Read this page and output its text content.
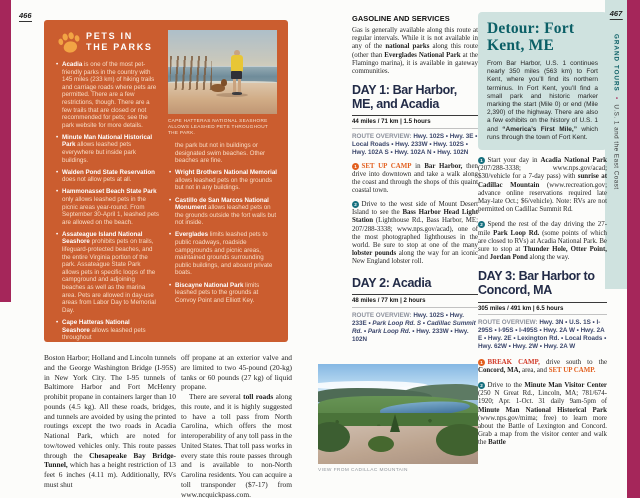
466	467
GRAND TOURS•U.S. 1 and the East Coast
PETS IN
THE PARKS
• Acadia is one of the most pet-friendly parks in the country with 145 miles (233 km) of hiking trails and carriage roads where pets are permitted. There are a few restrictions, though. There are a few trails that are closed or not recommended for pets; see the park website for more details.
• Minute Man National Historical Park allows leashed pets everywhere but inside park buildings.
• Walden Pond State Reservation does not allow pets at all.
• Hammonasset Beach State Park only allows leashed pets in the picnic areas year-round. From September 30-April 1, leashed pets are allowed on the beach.
• Assateague Island National Seashore prohibits pets on trails, lifeguard-protected beaches, and the entire Virginia portion of the park. Assateague State Park allows pets in specific loops of the campground and adjoining beaches as well as the marina area. Pets are allowed in day-use areas from Labor Day to Memorial Day.
• Cape Hatteras National Seashore allows leashed pets throughout
CAPE HATTERAS NATIONAL SEASHORE ALLOWS LEASHED PETS THROUGHOUT THE PARK.
the park but not in buildings or designated swim beaches. Other beaches are fine.
• Wright Brothers National Memorial allows leashed pets on the grounds but not in any buildings.
• Castillo de San Marcos National Monument allows leashed pets on the grounds outside the fort walls but not inside.
• Everglades limits leashed pets to public roadways, roadside campgrounds and picnic areas, maintained grounds surrounding public buildings, and aboard private boats.
• Biscayne National Park limits leashed pets to the grounds at Convoy Point and Elliott Key.
Boston Harbor; Holland and Lincoln tunnels and the George Washington Bridge (I-95S) in New York City. The I-95 tunnels of Baltimore Harbor and Fort McHenry prohibit propane in containers larger than 10 pounds (4.5 kg). All these roads, bridges, and tunnels are avoided by using the printed routings except the two roads in Acadia National Park, which are noted for tow/towed vehicles only. This route passes through the Chesapeake Bay Bridge-Tunnel, which has a height restriction of 13 feet 6 inches (4.11 m). Additionally, RVs must shut
off propane at an exterior valve and are limited to two 45-pound (20-kg) tanks or 60 pounds (27 kg) of liquid propane.
There are several toll roads along this route, and it is highly suggested to have a toll pass from North Carolina, which offers the most interoperability of any toll pass in the United States. That toll pass works in every state this route passes through and is available to non-North Carolina residents. You can acquire a toll transponder ($7-17) from www.ncquickpass.com.
GASOLINE AND SERVICES
Gas is generally available along this route at regular intervals. While it is not available in any of the national parks along this route (other than Everglades National Park at the Flamingo marina), it is available in gateway communities.
DAY 1: Bar Harbor, ME, and Acadia
44 miles / 71 km | 1.5 hours
ROUTE OVERVIEW: Hwy. 102S • Hwy. 3E • Local Roads • Hwy. 233W • Hwy. 102S • Hwy. 102A S • Hwy. 102A N • Hwy. 102N
1 SET UP CAMP in Bar Harbor, then drive into downtown and take a walk along the coast and through the shops of this quaint coastal town.
2 Drive to the west side of Mount Desert Island to see the Bass Harbor Head Light Station (Lighthouse Rd., Bass Harbor, ME; 207/288-3338; www.nps.gov/acad), one of the most photographed lighthouses in the world. Be sure to stop at one of the many lobster pounds along the way for an iconic New England lobster roll.
DAY 2: Acadia
48 miles / 77 km | 2 hours
ROUTE OVERVIEW: Hwy. 102S • Hwy. 233E • Park Loop Rd. S • Cadillac Summit Rd. • Park Loop Rd. • Hwy. 233W • Hwy. 102N
VIEW FROM CADILLAC MOUNTAIN
Detour: Fort Kent, ME
From Bar Harbor, U.S. 1 continues nearly 350 miles (563 km) to Fort Kent, where you’ll find its northern terminus. In Fort Kent, you’ll find a small park and historic marker marking the start (Mile 0) or end (Mile 2,390) of the highway. There are also a few exhibits on the history of U.S. 1 and “America’s First Mile,” which runs through the town of Fort Kent.
1 Start your day in Acadia National Park (207/288-3338; www.nps.gov/acad; $30/vehicle for a 7-day pass) with sunrise at Cadillac Mountain (www.recreation.gov; advance online reservations required late May-late Oct.; $6/vehicle). Note: RVs are not permitted on Cadillac Summit Rd.
2 Spend the rest of the day driving the 27-mile Park Loop Rd. (some points of which are closed to RVs) at Acadia National Park. Be sure to stop at Thunder Hole, Otter Point, and Jordan Pond along the way.
DAY 3: Bar Harbor to Concord, MA
305 miles / 491 km | 6.5 hours
ROUTE OVERVIEW: Hwy. 3N • U.S. 1S • I-295S • I-95S • I-495S • Hwy. 2A W • Hwy. 2A E • Hwy. 2E • Lexington Rd. • Local Roads • Hwy. 62W • Hwy. 2W • Hwy. 2A W
1 BREAK CAMP, drive south to the Concord, MA, area, and SET UP CAMP.
2 Drive to the Minute Man Visitor Center (250 N Great Rd., Lincoln, MA; 781/674-1920; Apr. 1-Oct. 31 daily 9am-5pm of Minute Man National Historical Park (www.nps.gov/mima; free) to learn more about the Battle of Lexington and Concord. Grab a map from the visitor center and walk the Battle
